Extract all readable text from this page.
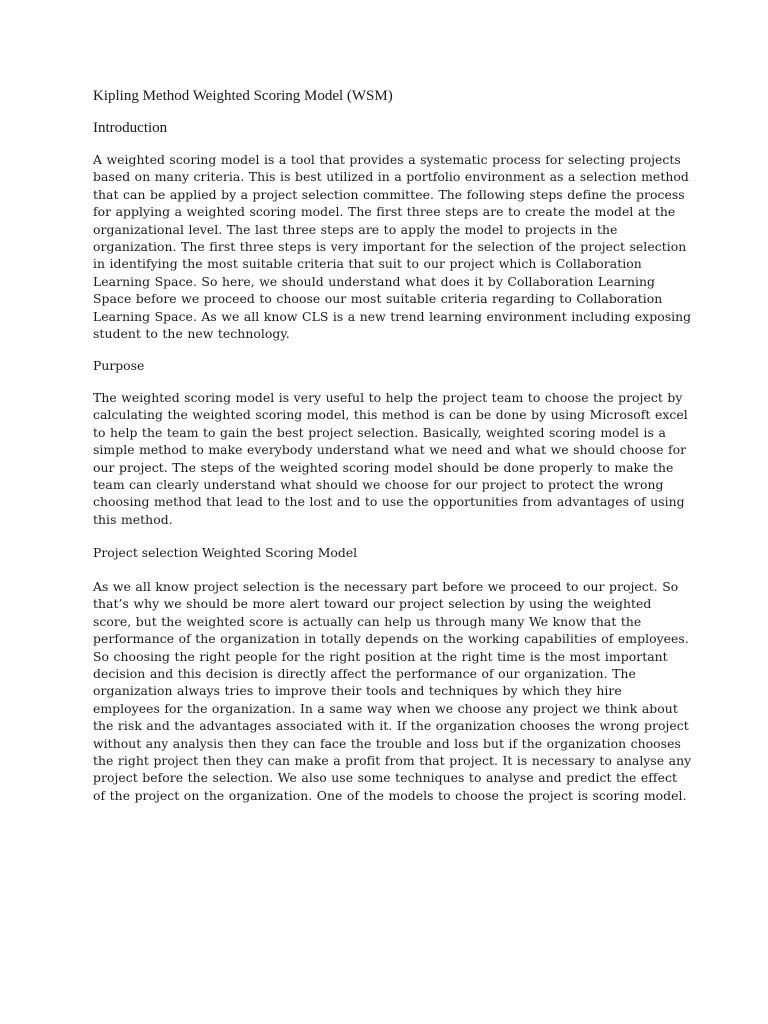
Kipling Method Weighted Scoring Model (WSM)

Introduction

A weighted scoring model is a tool that provides a systematic process for selecting projects based on many criteria. This is best utilized in a portfolio environment as a selection method that can be applied by a project selection committee. The following steps define the process for applying a weighted scoring model. The first three steps are to create the model at the organizational level. The last three steps are to apply the model to projects in the organization. The first three steps is very important for the selection of the project selection in identifying the most suitable criteria that suit to our project which is Collaboration Learning Space. So here, we should understand what does it by Collaboration Learning Space before we proceed to choose our most suitable criteria regarding to Collaboration Learning Space. As we all know CLS is a new trend learning environment including exposing student to the new technology.

Purpose

The weighted scoring model is very useful to help the project team to choose the project by calculating the weighted scoring model, this method is can be done by using Microsoft excel to help the team to gain the best project selection. Basically, weighted scoring model is a simple method to make everybody understand what we need and what we should choose for our project. The steps of the weighted scoring model should be done properly to make the team can clearly understand what should we choose for our project to protect the wrong choosing method that lead to the lost and to use the opportunities from advantages of using this method.

Project selection Weighted Scoring Model

As we all know project selection is the necessary part before we proceed to our project. So that’s why we should be more alert toward our project selection by using the weighted score, but the weighted score is actually can help us through many We know that the performance of the organization in totally depends on the working capabilities of employees. So choosing the right people for the right position at the right time is the most important decision and this decision is directly affect the performance of our organization. The organization always tries to improve their tools and techniques by which they hire employees for the organization. In a same way when we choose any project we think about the risk and the advantages associated with it. If the organization chooses the wrong project without any analysis then they can face the trouble and loss but if the organization chooses the right project then they can make a profit from that project. It is necessary to analyse any project before the selection. We also use some techniques to analyse and predict the effect of the project on the organization. One of the models to choose the project is scoring model.
